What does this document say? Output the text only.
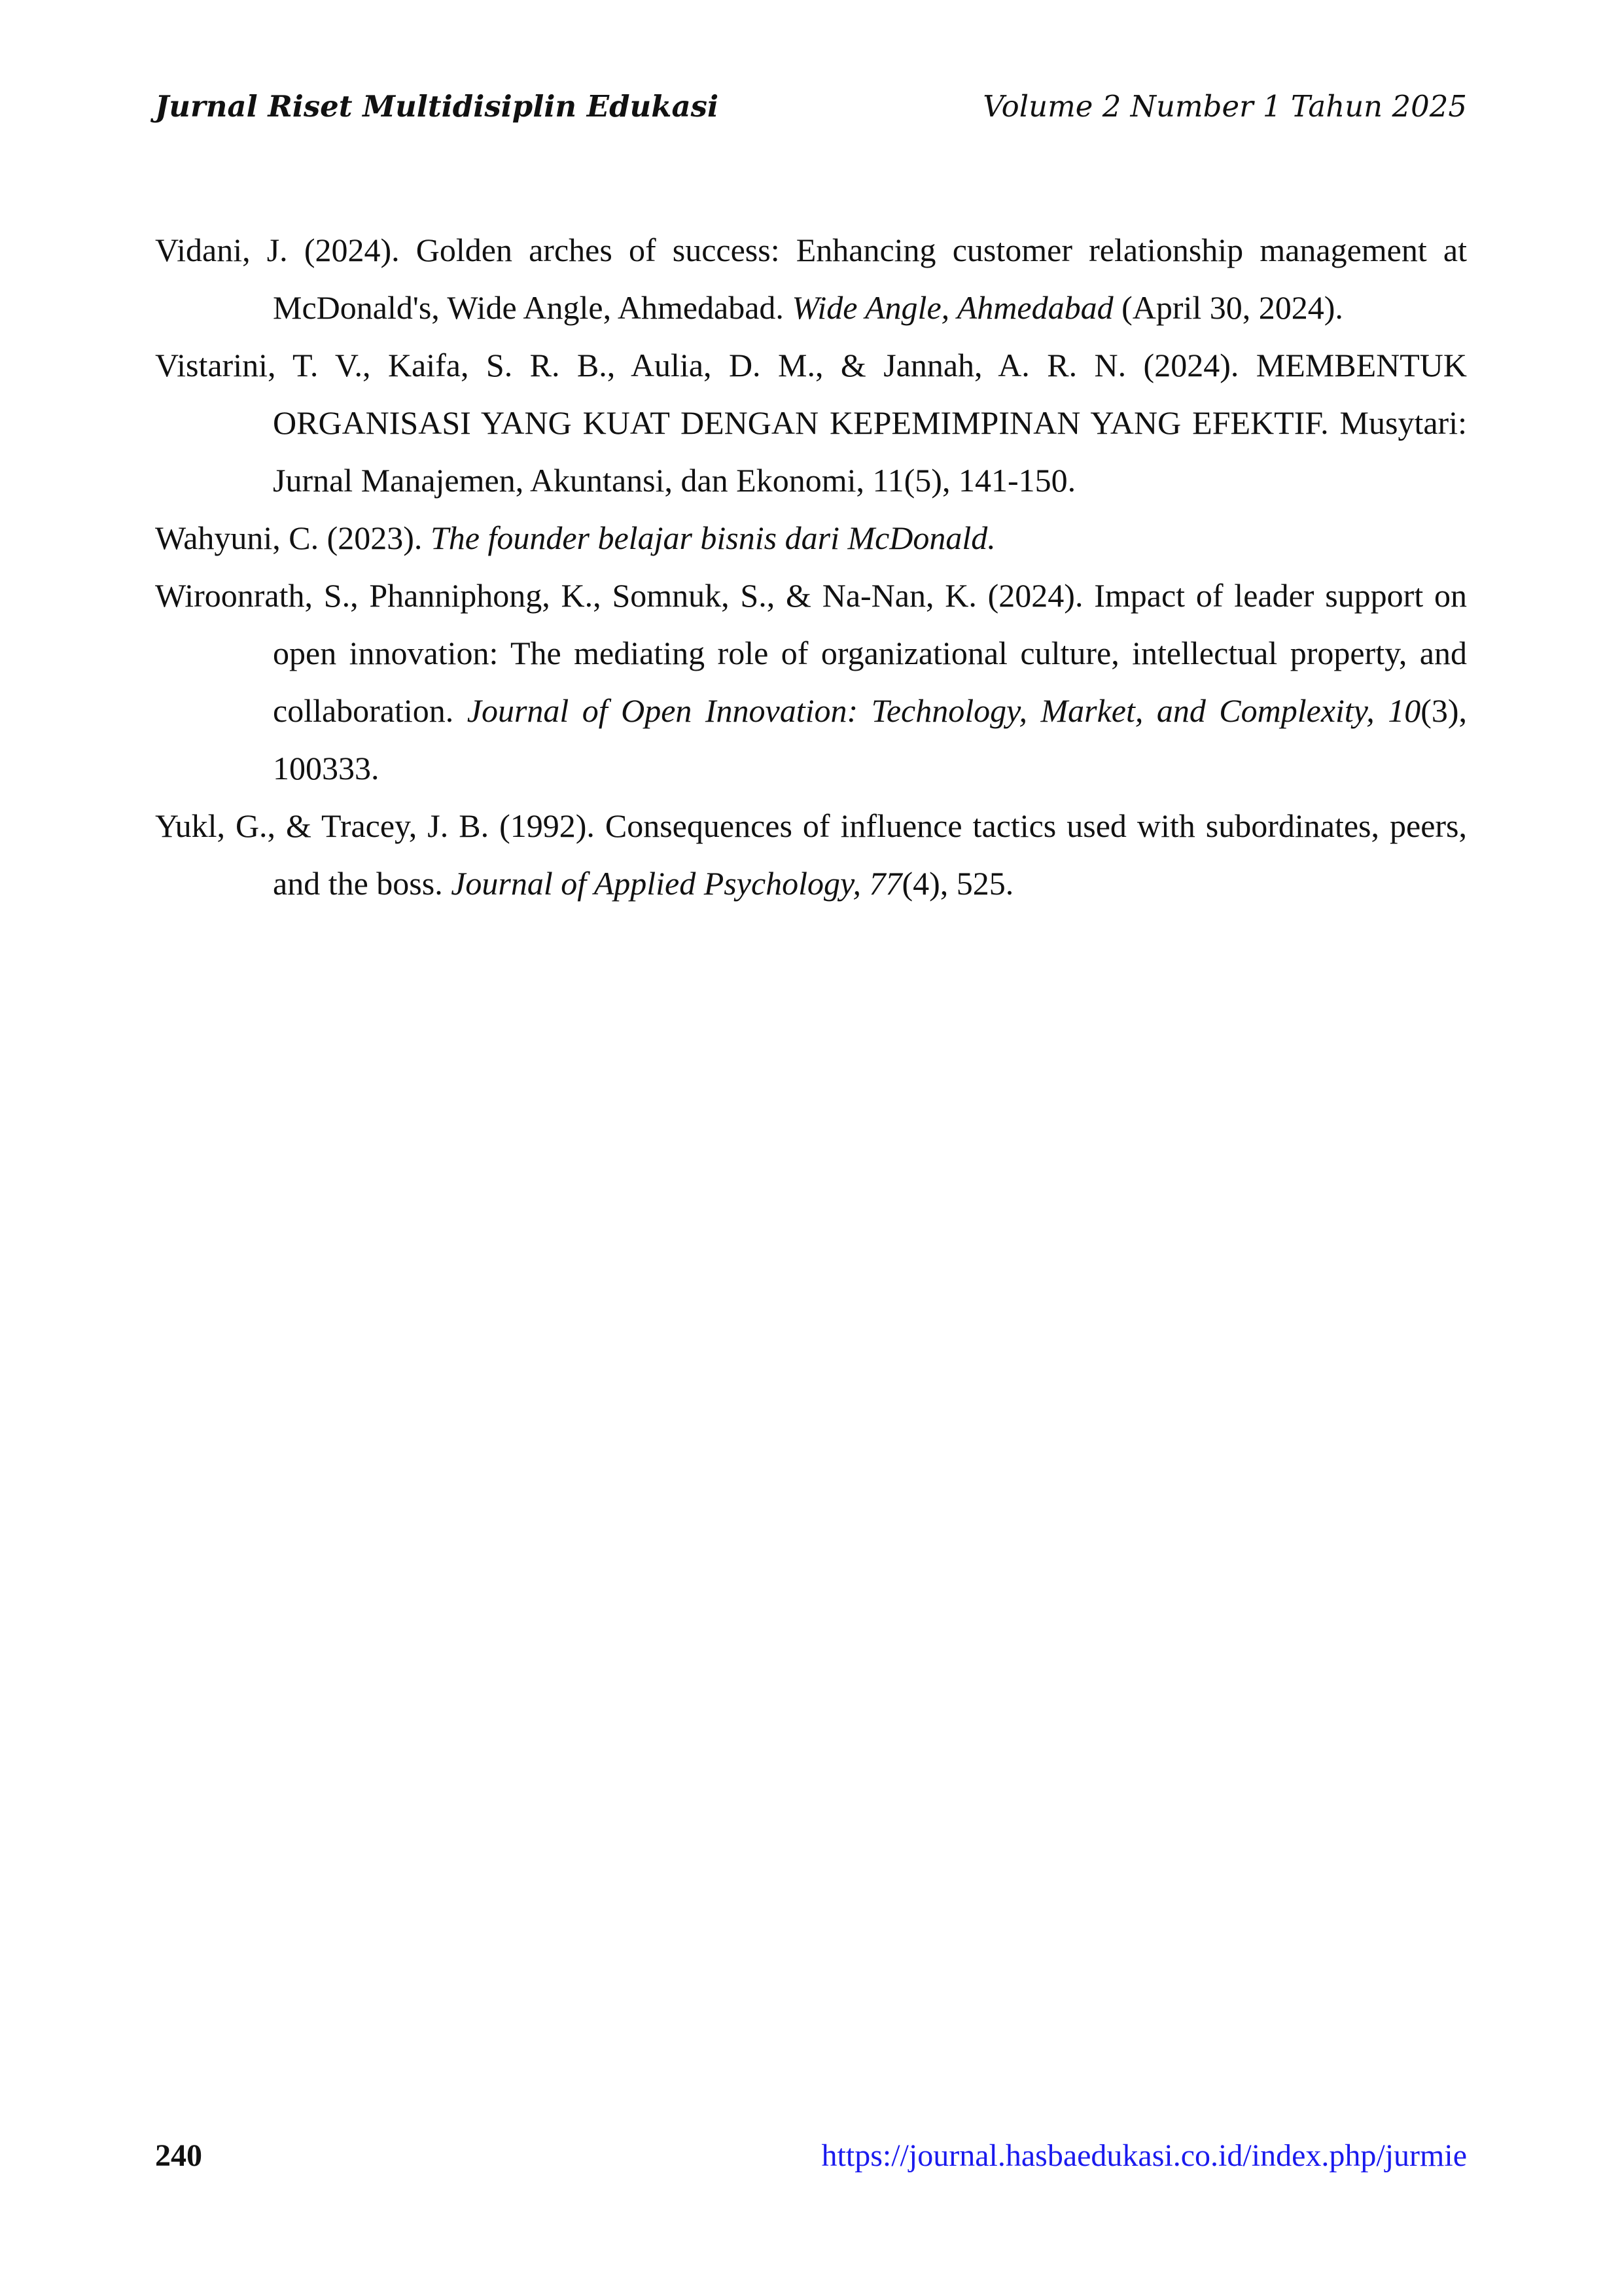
Jurnal Riset Multidisiplin Edukasi	Volume 2 Number 1 Tahun 2025

Vidani, J. (2024). Golden arches of success: Enhancing customer relationship management at McDonald's, Wide Angle, Ahmedabad. Wide Angle, Ahmedabad (April 30, 2024).

Vistarini, T. V., Kaifa, S. R. B., Aulia, D. M., & Jannah, A. R. N. (2024). MEMBENTUK ORGANISASI YANG KUAT DENGAN KEPEMIMPINAN YANG EFEKTIF. Musytari: Jurnal Manajemen, Akuntansi, dan Ekonomi, 11(5), 141-150.

Wahyuni, C. (2023). The founder belajar bisnis dari McDonald.

Wiroonrath, S., Phanniphong, K., Somnuk, S., & Na-Nan, K. (2024). Impact of leader support on open innovation: The mediating role of organizational culture, intellectual property, and collaboration. Journal of Open Innovation: Technology, Market, and Complexity, 10(3), 100333.

Yukl, G., & Tracey, J. B. (1992). Consequences of influence tactics used with subordinates, peers, and the boss. Journal of Applied Psychology, 77(4), 525.

240	https://journal.hasbaedukasi.co.id/index.php/jurmie
